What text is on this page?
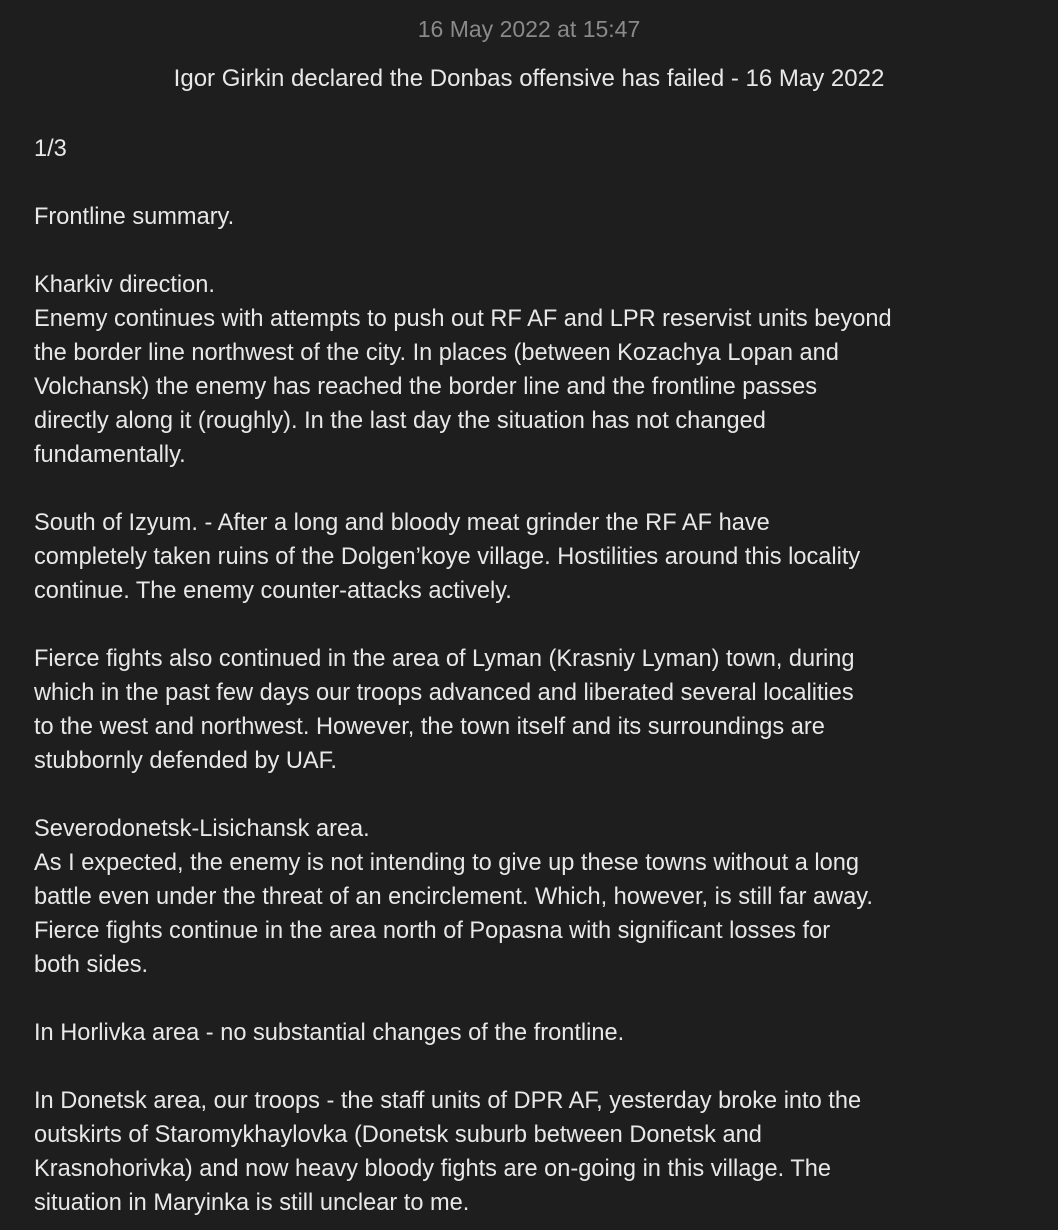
16 May 2022 at 15:47
Igor Girkin declared the Donbas offensive has failed - 16 May 2022
1/3
Frontline summary.
Kharkiv direction.
Enemy continues with attempts to push out RF AF and LPR reservist units beyond
the border line northwest of the city. In places (between Kozachya Lopan and
Volchansk) the enemy has reached the border line and the frontline passes
directly along it (roughly). In the last day the situation has not changed
fundamentally.
South of Izyum. - After a long and bloody meat grinder the RF AF have
completely taken ruins of the Dolgen’koye village. Hostilities around this locality
continue. The enemy counter-attacks actively.
Fierce fights also continued in the area of Lyman (Krasniy Lyman) town, during
which in the past few days our troops advanced and liberated several localities
to the west and northwest. However, the town itself and its surroundings are
stubbornly defended by UAF.
Severodonetsk-Lisichansk area.
As I expected, the enemy is not intending to give up these towns without a long
battle even under the threat of an encirclement. Which, however, is still far away.
Fierce fights continue in the area north of Popasna with significant losses for
both sides.
In Horlivka area - no substantial changes of the frontline.
In Donetsk area, our troops - the staff units of DPR AF, yesterday broke into the
outskirts of Staromykhaylovka (Donetsk suburb between Donetsk and
Krasnohorivka) and now heavy bloody fights are on-going in this village. The
situation in Maryinka is still unclear to me.
